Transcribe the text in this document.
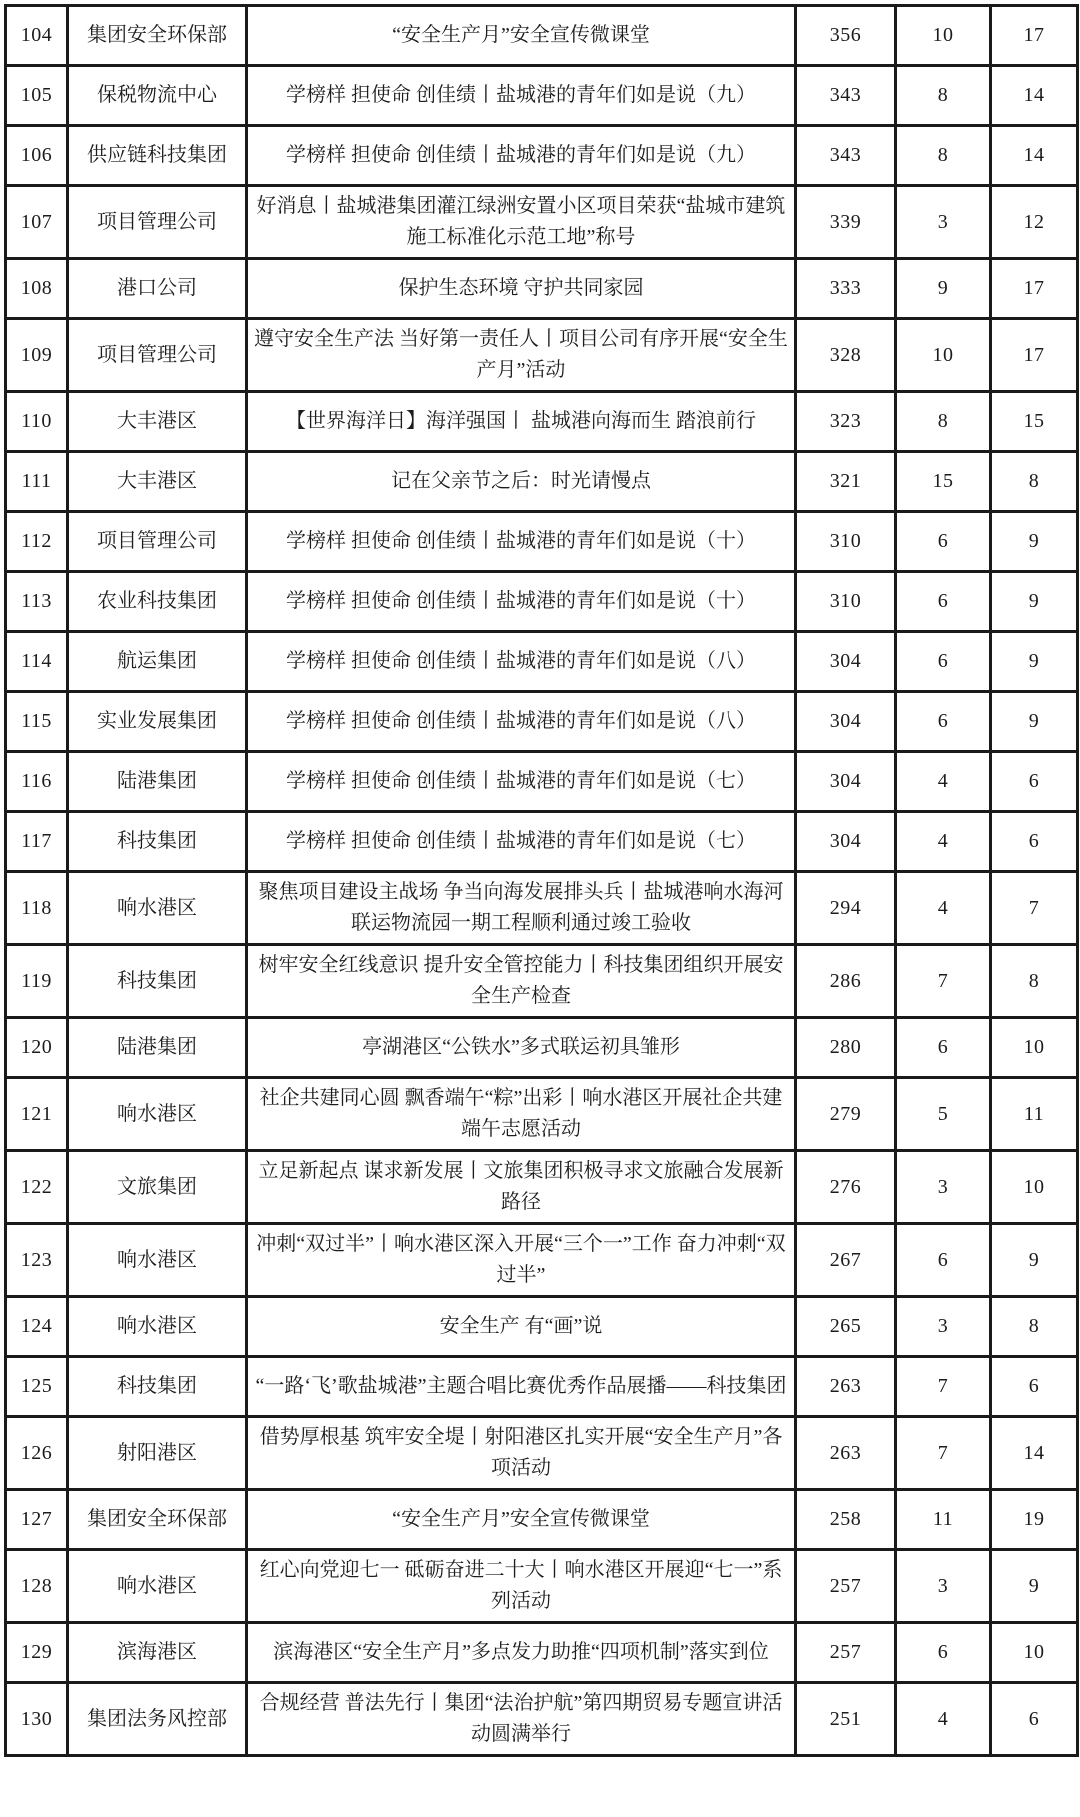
104	集团安全环保部	“安全生产月”安全宣传微课堂	356	10	17
105	保税物流中心	学榜样 担使命 创佳绩丨盐城港的青年们如是说（九）	343	8	14
106	供应链科技集团	学榜样 担使命 创佳绩丨盐城港的青年们如是说（九）	343	8	14
107	项目管理公司	好消息丨盐城港集团灌江绿洲安置小区项目荣获“盐城市建筑施工标准化示范工地”称号	339	3	12
108	港口公司	保护生态环境 守护共同家园	333	9	17
109	项目管理公司	遵守安全生产法 当好第一责任人丨项目公司有序开展“安全生产月”活动	328	10	17
110	大丰港区	【世界海洋日】海洋强国丨 盐城港向海而生 踏浪前行	323	8	15
111	大丰港区	记在父亲节之后：时光请慢点	321	15	8
112	项目管理公司	学榜样 担使命 创佳绩丨盐城港的青年们如是说（十）	310	6	9
113	农业科技集团	学榜样 担使命 创佳绩丨盐城港的青年们如是说（十）	310	6	9
114	航运集团	学榜样 担使命 创佳绩丨盐城港的青年们如是说（八）	304	6	9
115	实业发展集团	学榜样 担使命 创佳绩丨盐城港的青年们如是说（八）	304	6	9
116	陆港集团	学榜样 担使命 创佳绩丨盐城港的青年们如是说（七）	304	4	6
117	科技集团	学榜样 担使命 创佳绩丨盐城港的青年们如是说（七）	304	4	6
118	响水港区	聚焦项目建设主战场 争当向海发展排头兵丨盐城港响水海河联运物流园一期工程顺利通过竣工验收	294	4	7
119	科技集团	树牢安全红线意识 提升安全管控能力丨科技集团组织开展安全生产检查	286	7	8
120	陆港集团	亭湖港区“公铁水”多式联运初具雏形	280	6	10
121	响水港区	社企共建同心圆 飘香端午“粽”出彩丨响水港区开展社企共建端午志愿活动	279	5	11
122	文旅集团	立足新起点 谋求新发展丨文旅集团积极寻求文旅融合发展新路径	276	3	10
123	响水港区	冲刺“双过半”丨响水港区深入开展“三个一”工作 奋力冲刺“双过半”	267	6	9
124	响水港区	安全生产 有“画”说	265	3	8
125	科技集团	“一路‘飞’歌盐城港”主题合唱比赛优秀作品展播——科技集团	263	7	6
126	射阳港区	借势厚根基 筑牢安全堤丨射阳港区扎实开展“安全生产月”各项活动	263	7	14
127	集团安全环保部	“安全生产月”安全宣传微课堂	258	11	19
128	响水港区	红心向党迎七一 砥砺奋进二十大丨响水港区开展迎“七一”系列活动	257	3	9
129	滨海港区	滨海港区“安全生产月”多点发力助推“四项机制”落实到位	257	6	10
130	集团法务风控部	合规经营 普法先行丨集团“法治护航”第四期贸易专题宣讲活动圆满举行	251	4	6
